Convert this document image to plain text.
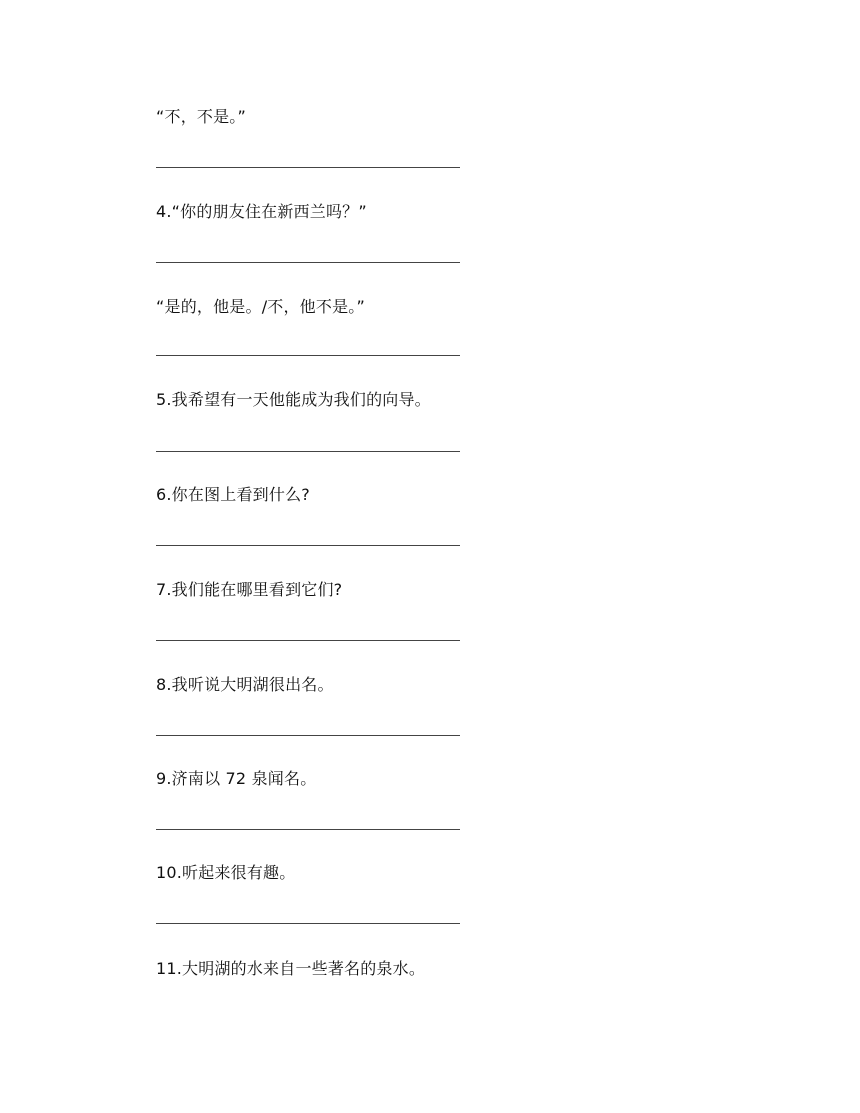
“不，不是。”
4.“你的朋友住在新西兰吗？”
“是的，他是。/不，他不是。”
5.我希望有一天他能成为我们的向导。
6.你在图上看到什么?
7.我们能在哪里看到它们?
8.我听说大明湖很出名。
9.济南以 72 泉闻名。
10.听起来很有趣。
11.大明湖的水来自一些著名的泉水。
